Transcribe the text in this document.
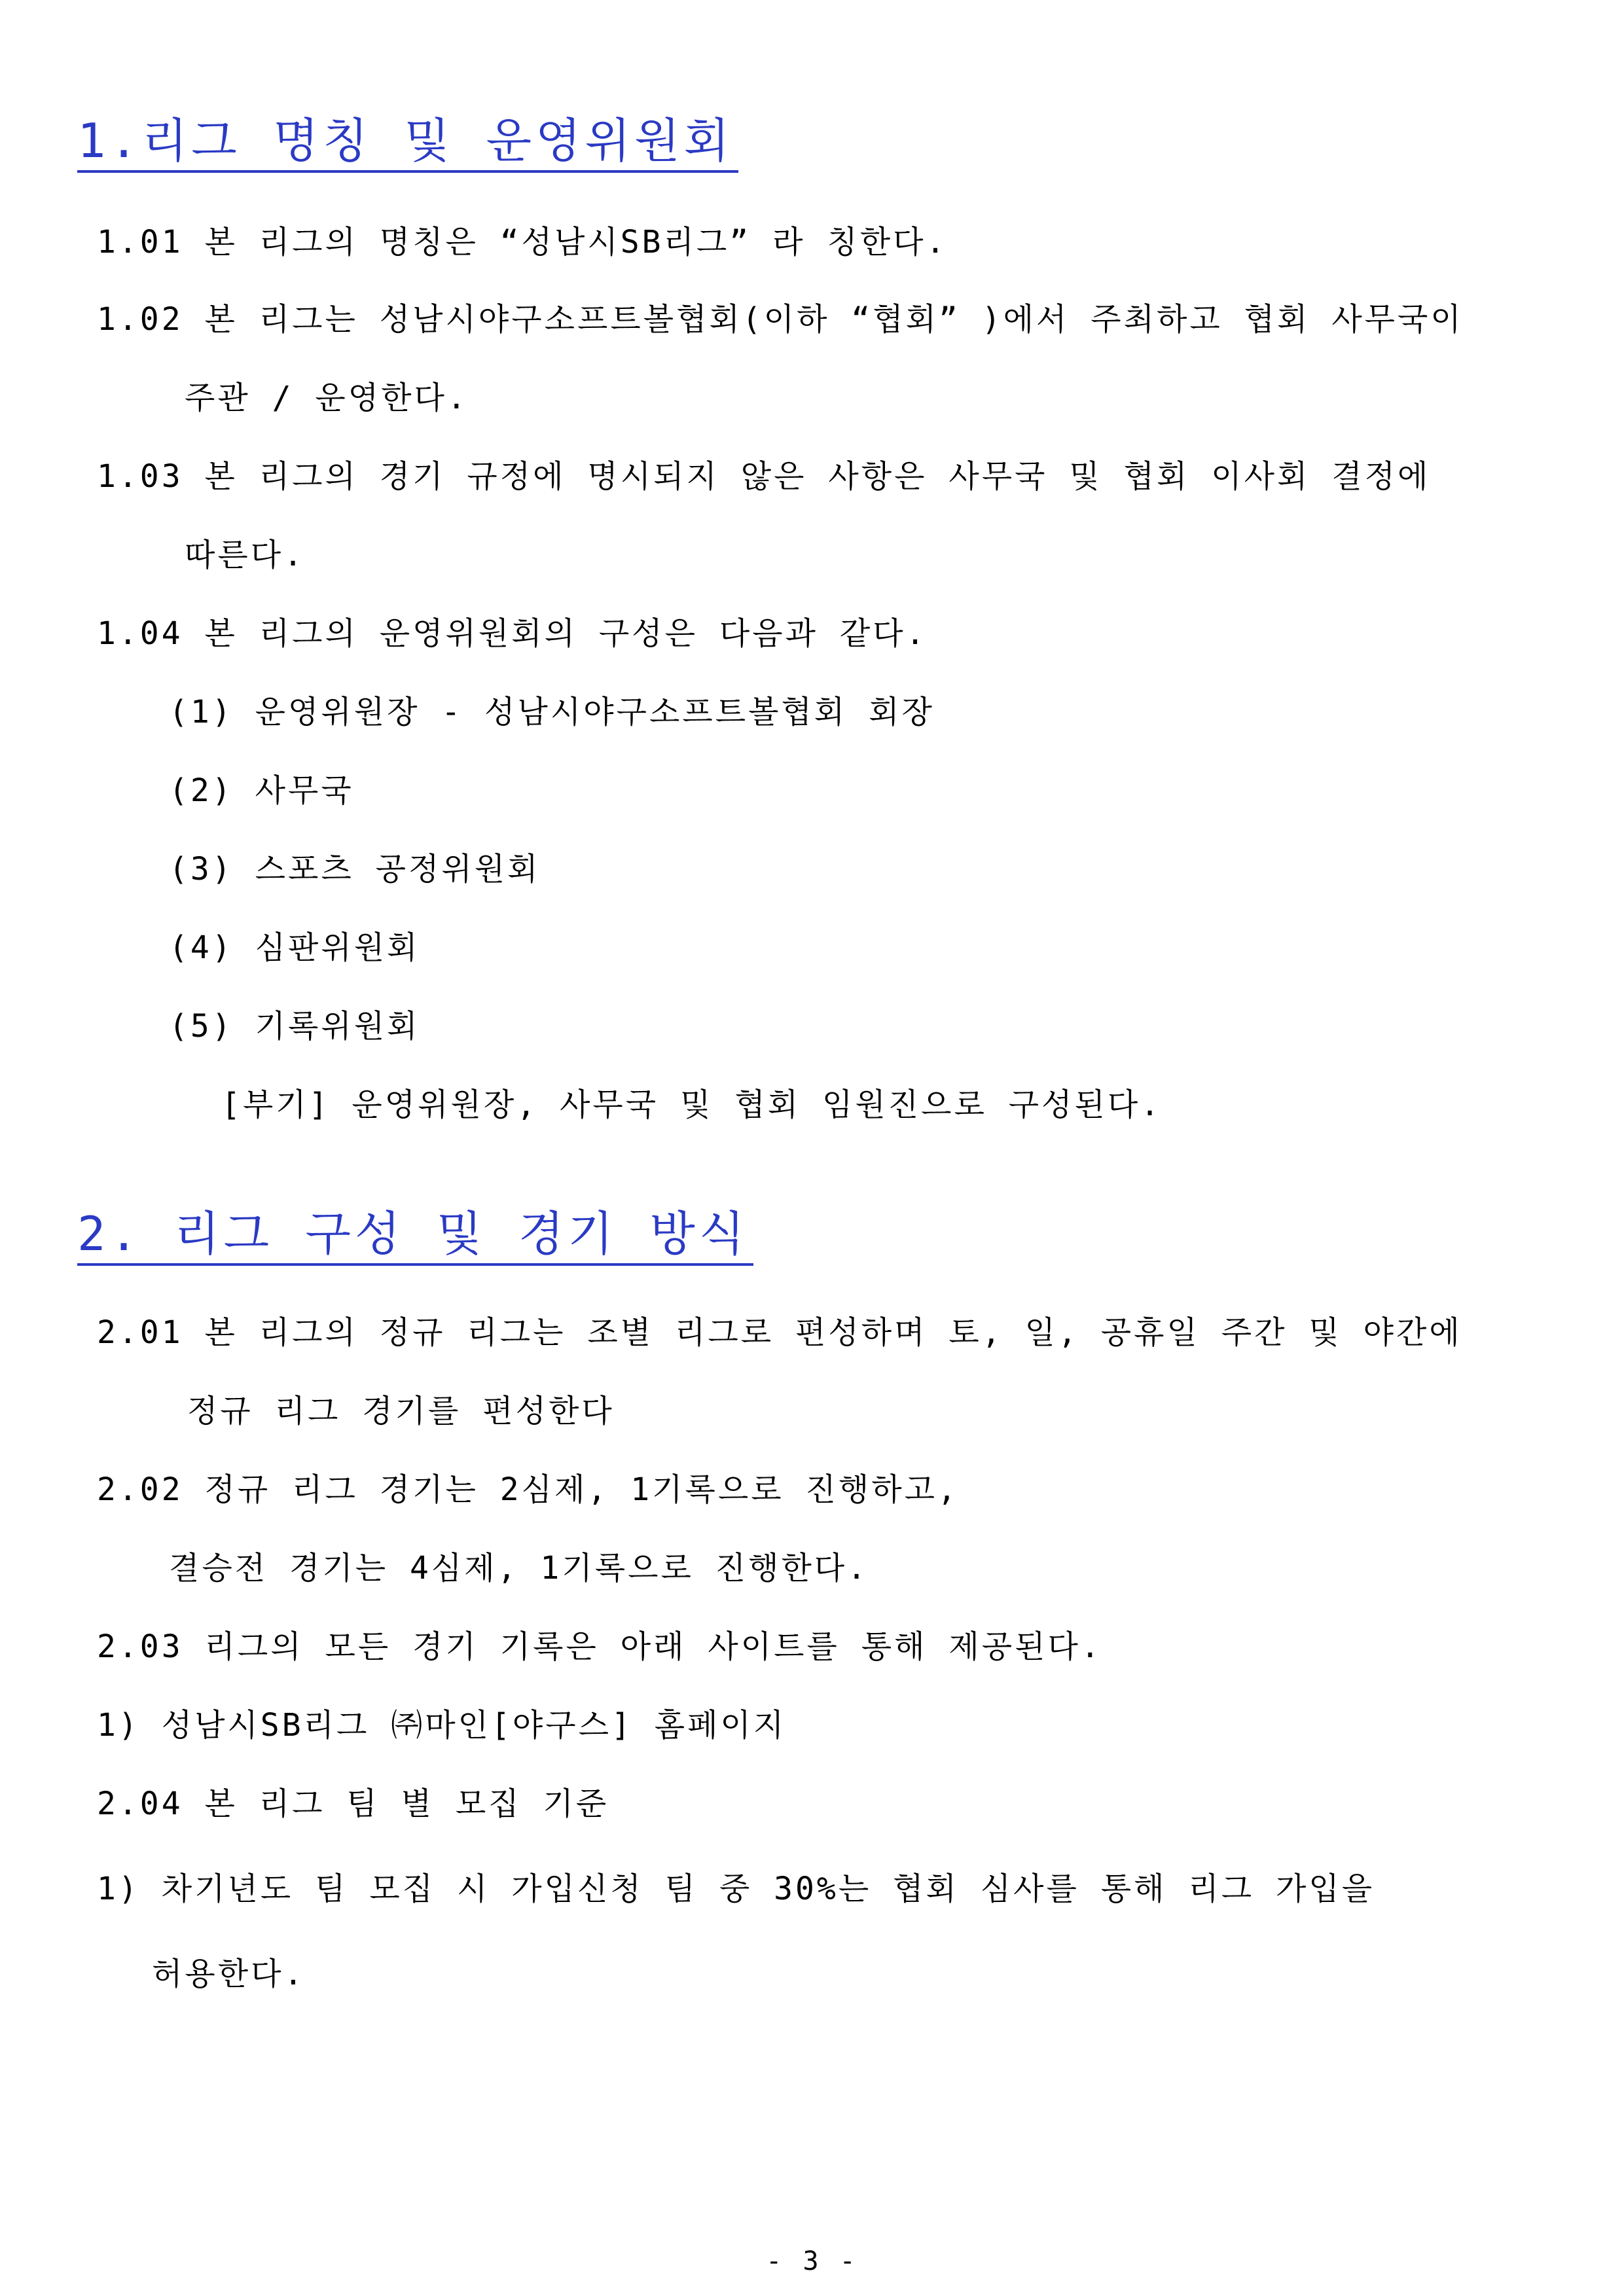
1.리그 명칭 및 운영위원회
1.01 본 리그의 명칭은 “성남시SB리그” 라 칭한다.
1.02 본 리그는 성남시야구소프트볼협회(이하 “협회” )에서 주최하고 협회 사무국이
주관 / 운영한다.
1.03 본 리그의 경기 규정에 명시되지 않은 사항은 사무국 및 협회 이사회 결정에
따른다.
1.04 본 리그의 운영위원회의 구성은 다음과 같다.
(1) 운영위원장 - 성남시야구소프트볼협회 회장
(2) 사무국
(3) 스포츠 공정위원회
(4) 심판위원회
(5) 기록위원회
[부기] 운영위원장, 사무국 및 협회 임원진으로 구성된다.
2. 리그 구성 및 경기 방식
2.01 본 리그의 정규 리그는 조별 리그로 편성하며 토, 일, 공휴일 주간 및 야간에
정규 리그 경기를 편성한다
2.02 정규 리그 경기는 2심제, 1기록으로 진행하고,
결승전 경기는 4심제, 1기록으로 진행한다.
2.03 리그의 모든 경기 기록은 아래 사이트를 통해 제공된다.
1) 성남시SB리그 ㈜마인[야구스] 홈페이지
2.04 본 리그 팀 별 모집 기준
1) 차기년도 팀 모집 시 가입신청 팀 중 30%는 협회 심사를 통해 리그 가입을
허용한다.
- 3 -
